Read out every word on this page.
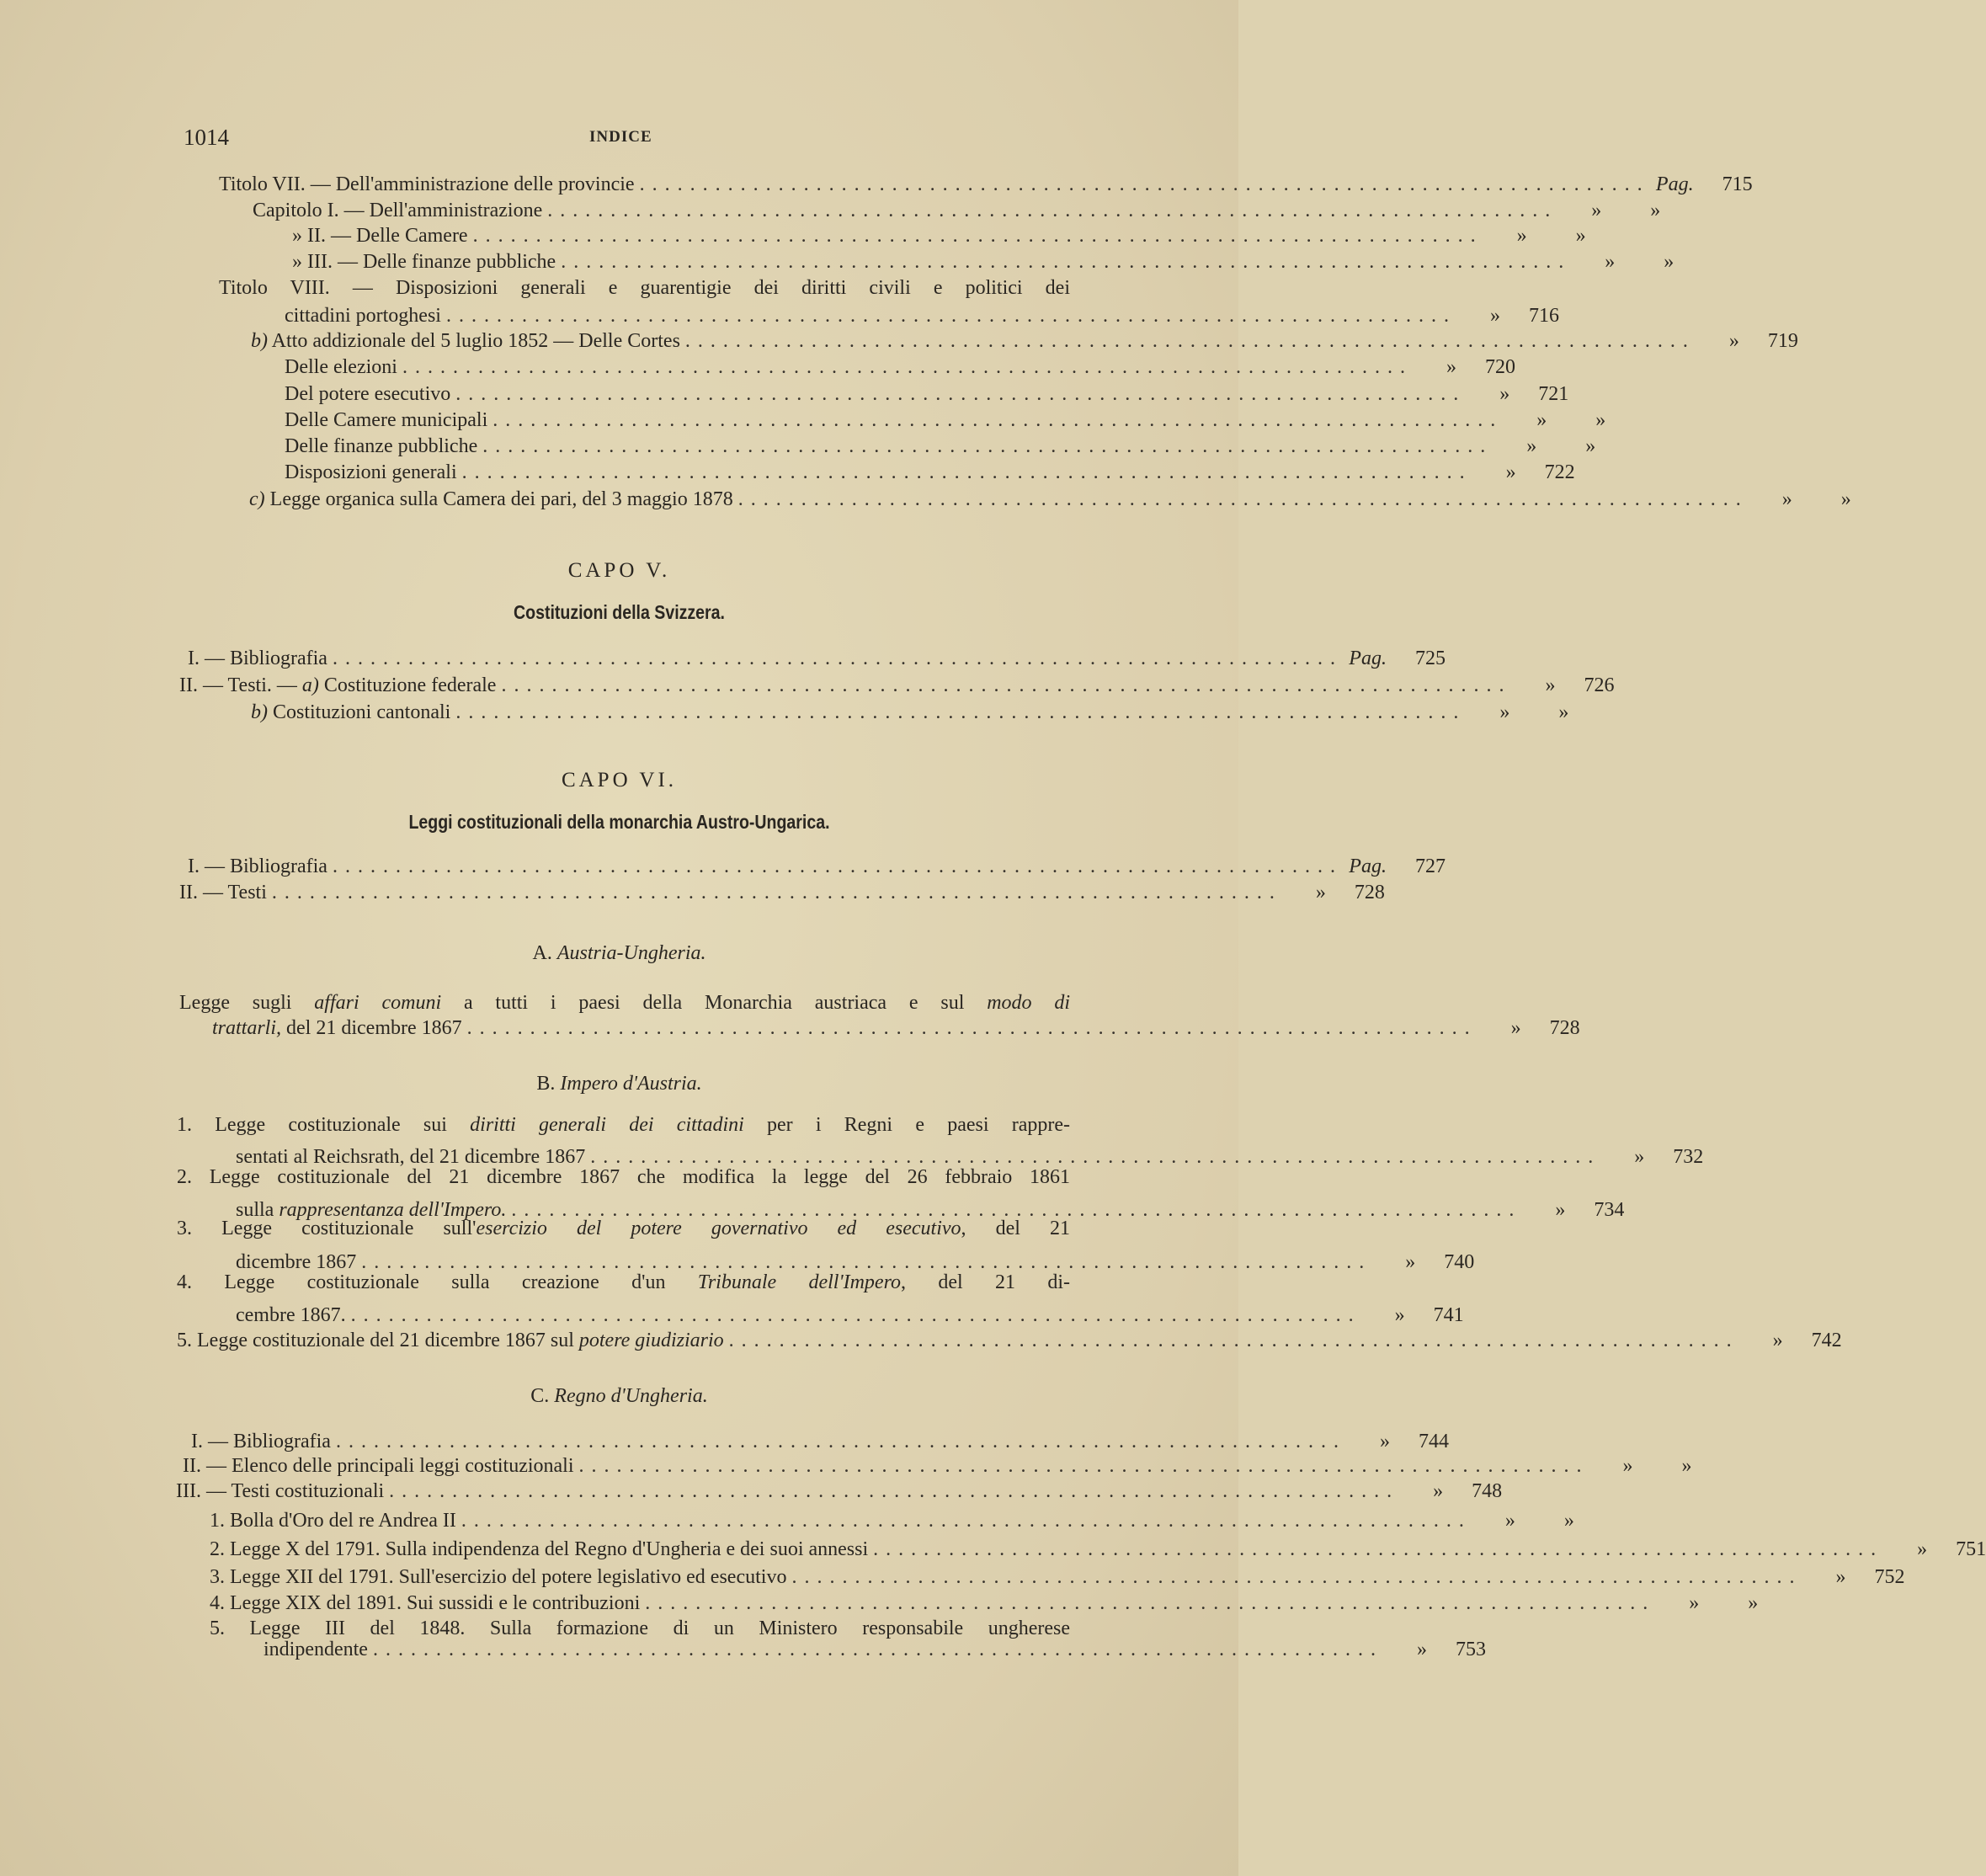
1014	INDICE
Titolo VII. — Dell'amministrazione delle provincie ................................................................................ Pag.	715
Capitolo I. — Dell'amministrazione ................................................................................	»	»
» II. — Delle Camere ................................................................................	»	»
» III. — Delle finanze pubbliche ................................................................................	»	»
Titolo VIII. — Disposizioni generali e guarentigie dei diritti civili e politici dei
cittadini portoghesi ................................................................................	»	716
b) Atto addizionale del 5 luglio 1852 — Delle Cortes ................................................................................	»	719
Delle elezioni ................................................................................	»	720
Del potere esecutivo ................................................................................	»	721
Delle Camere municipali ................................................................................	»	»
Delle finanze pubbliche ................................................................................	»	»
Disposizioni generali ................................................................................	»	722
c) Legge organica sulla Camera dei pari, del 3 maggio 1878 ................................................................................	»	»
CAPO V.
Costituzioni della Svizzera.
I. — Bibliografia ................................................................................ Pag.	725
II. — Testi. — a) Costituzione federale ................................................................................	»	726
b) Costituzioni cantonali ................................................................................	»	»
CAPO VI.
Leggi costituzionali della monarchia Austro-Ungarica.
I. — Bibliografia ................................................................................ Pag.	727
II. — Testi ................................................................................	»	728
A. Austria-Ungheria.
Legge sugli affari comuni a tutti i paesi della Monarchia austriaca e sul modo di
trattarli, del 21 dicembre 1867 ................................................................................	»	728
B. Impero d'Austria.
1. Legge costituzionale sui diritti generali dei cittadini per i Regni e paesi rappre-
sentati al Reichsrath, del 21 dicembre 1867 ................................................................................	»	732
2. Legge costituzionale del 21 dicembre 1867 che modifica la legge del 26 febbraio 1861
sulla rappresentanza dell'Impero. ................................................................................	»	734
3. Legge costituzionale sull'esercizio del potere governativo ed esecutivo, del 21
dicembre 1867 ................................................................................	»	740
4. Legge costituzionale sulla creazione d'un Tribunale dell'Impero, del 21 di-
cembre 1867. ................................................................................	»	741
5. Legge costituzionale del 21 dicembre 1867 sul potere giudiziario ................................................................................	»	742
C. Regno d'Ungheria.
I. — Bibliografia ................................................................................	»	744
II. — Elenco delle principali leggi costituzionali ................................................................................	»	»
III. — Testi costituzionali ................................................................................	»	748
1. Bolla d'Oro del re Andrea II ................................................................................	»	»
2. Legge X del 1791. Sulla indipendenza del Regno d'Ungheria e dei suoi annessi ................................................................................	»	751
3. Legge XII del 1791. Sull'esercizio del potere legislativo ed esecutivo ................................................................................	»	752
4. Legge XIX del 1891. Sui sussidi e le contribuzioni ................................................................................	»	»
5. Legge III del 1848. Sulla formazione di un Ministero responsabile ungherese
indipendente ................................................................................	»	753
